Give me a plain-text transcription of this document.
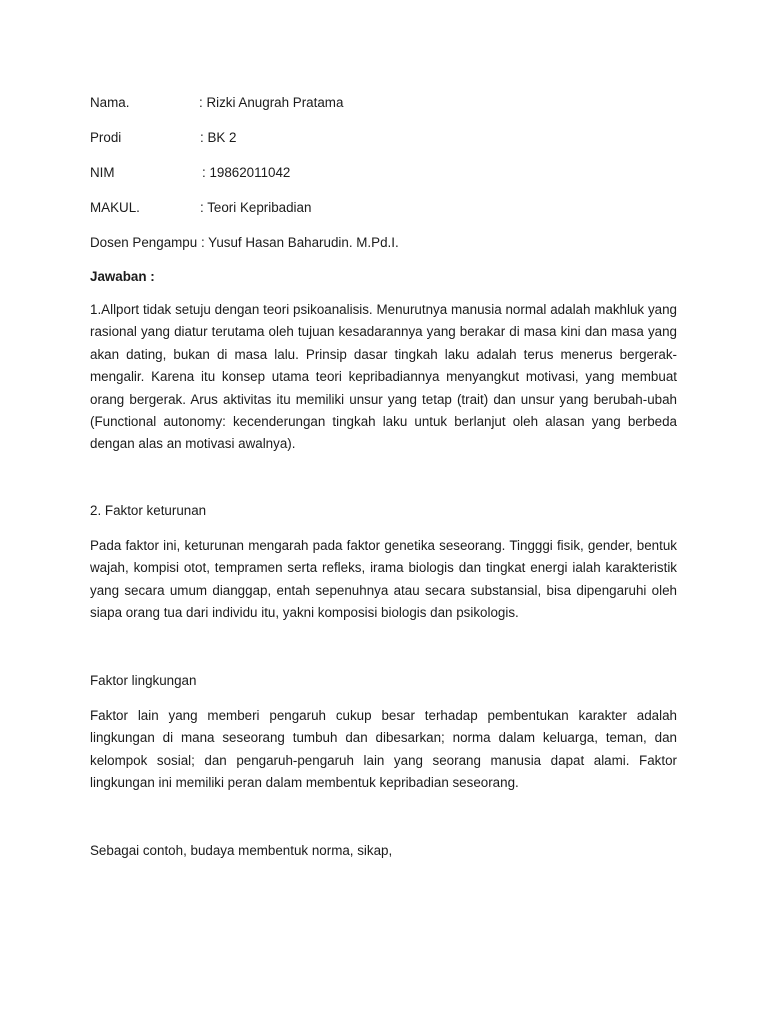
Nama.	: Rizki Anugrah Pratama
Prodi	: BK 2
NIM	: 19862011042
MAKUL.	: Teori Kepribadian
Dosen Pengampu : Yusuf Hasan Baharudin. M.Pd.I.
Jawaban :
1.Allport tidak setuju dengan teori psikoanalisis. Menurutnya manusia normal adalah makhluk yang rasional yang diatur terutama oleh tujuan kesadarannya yang berakar di masa kini dan masa yang akan dating, bukan di masa lalu. Prinsip dasar tingkah laku adalah terus menerus bergerak-mengalir. Karena itu konsep utama teori kepribadiannya menyangkut motivasi, yang membuat orang bergerak. Arus aktivitas itu memiliki unsur yang tetap (trait) dan unsur yang berubah-ubah (Functional autonomy: kecenderungan tingkah laku untuk berlanjut oleh alasan yang berbeda dengan alas an motivasi awalnya).
2. Faktor keturunan
Pada faktor ini, keturunan mengarah pada faktor genetika seseorang. Tingggi fisik, gender, bentuk wajah, kompisi otot, tempramen serta refleks, irama biologis dan tingkat energi ialah karakteristik yang secara umum dianggap, entah sepenuhnya atau secara substansial, bisa dipengaruhi oleh siapa orang tua dari individu itu, yakni komposisi biologis dan psikologis.
Faktor lingkungan
Faktor lain yang memberi pengaruh cukup besar terhadap pembentukan karakter adalah lingkungan di mana seseorang tumbuh dan dibesarkan; norma dalam keluarga, teman, dan kelompok sosial; dan pengaruh-pengaruh lain yang seorang manusia dapat alami. Faktor lingkungan ini memiliki peran dalam membentuk kepribadian seseorang.
Sebagai contoh, budaya membentuk norma, sikap,
